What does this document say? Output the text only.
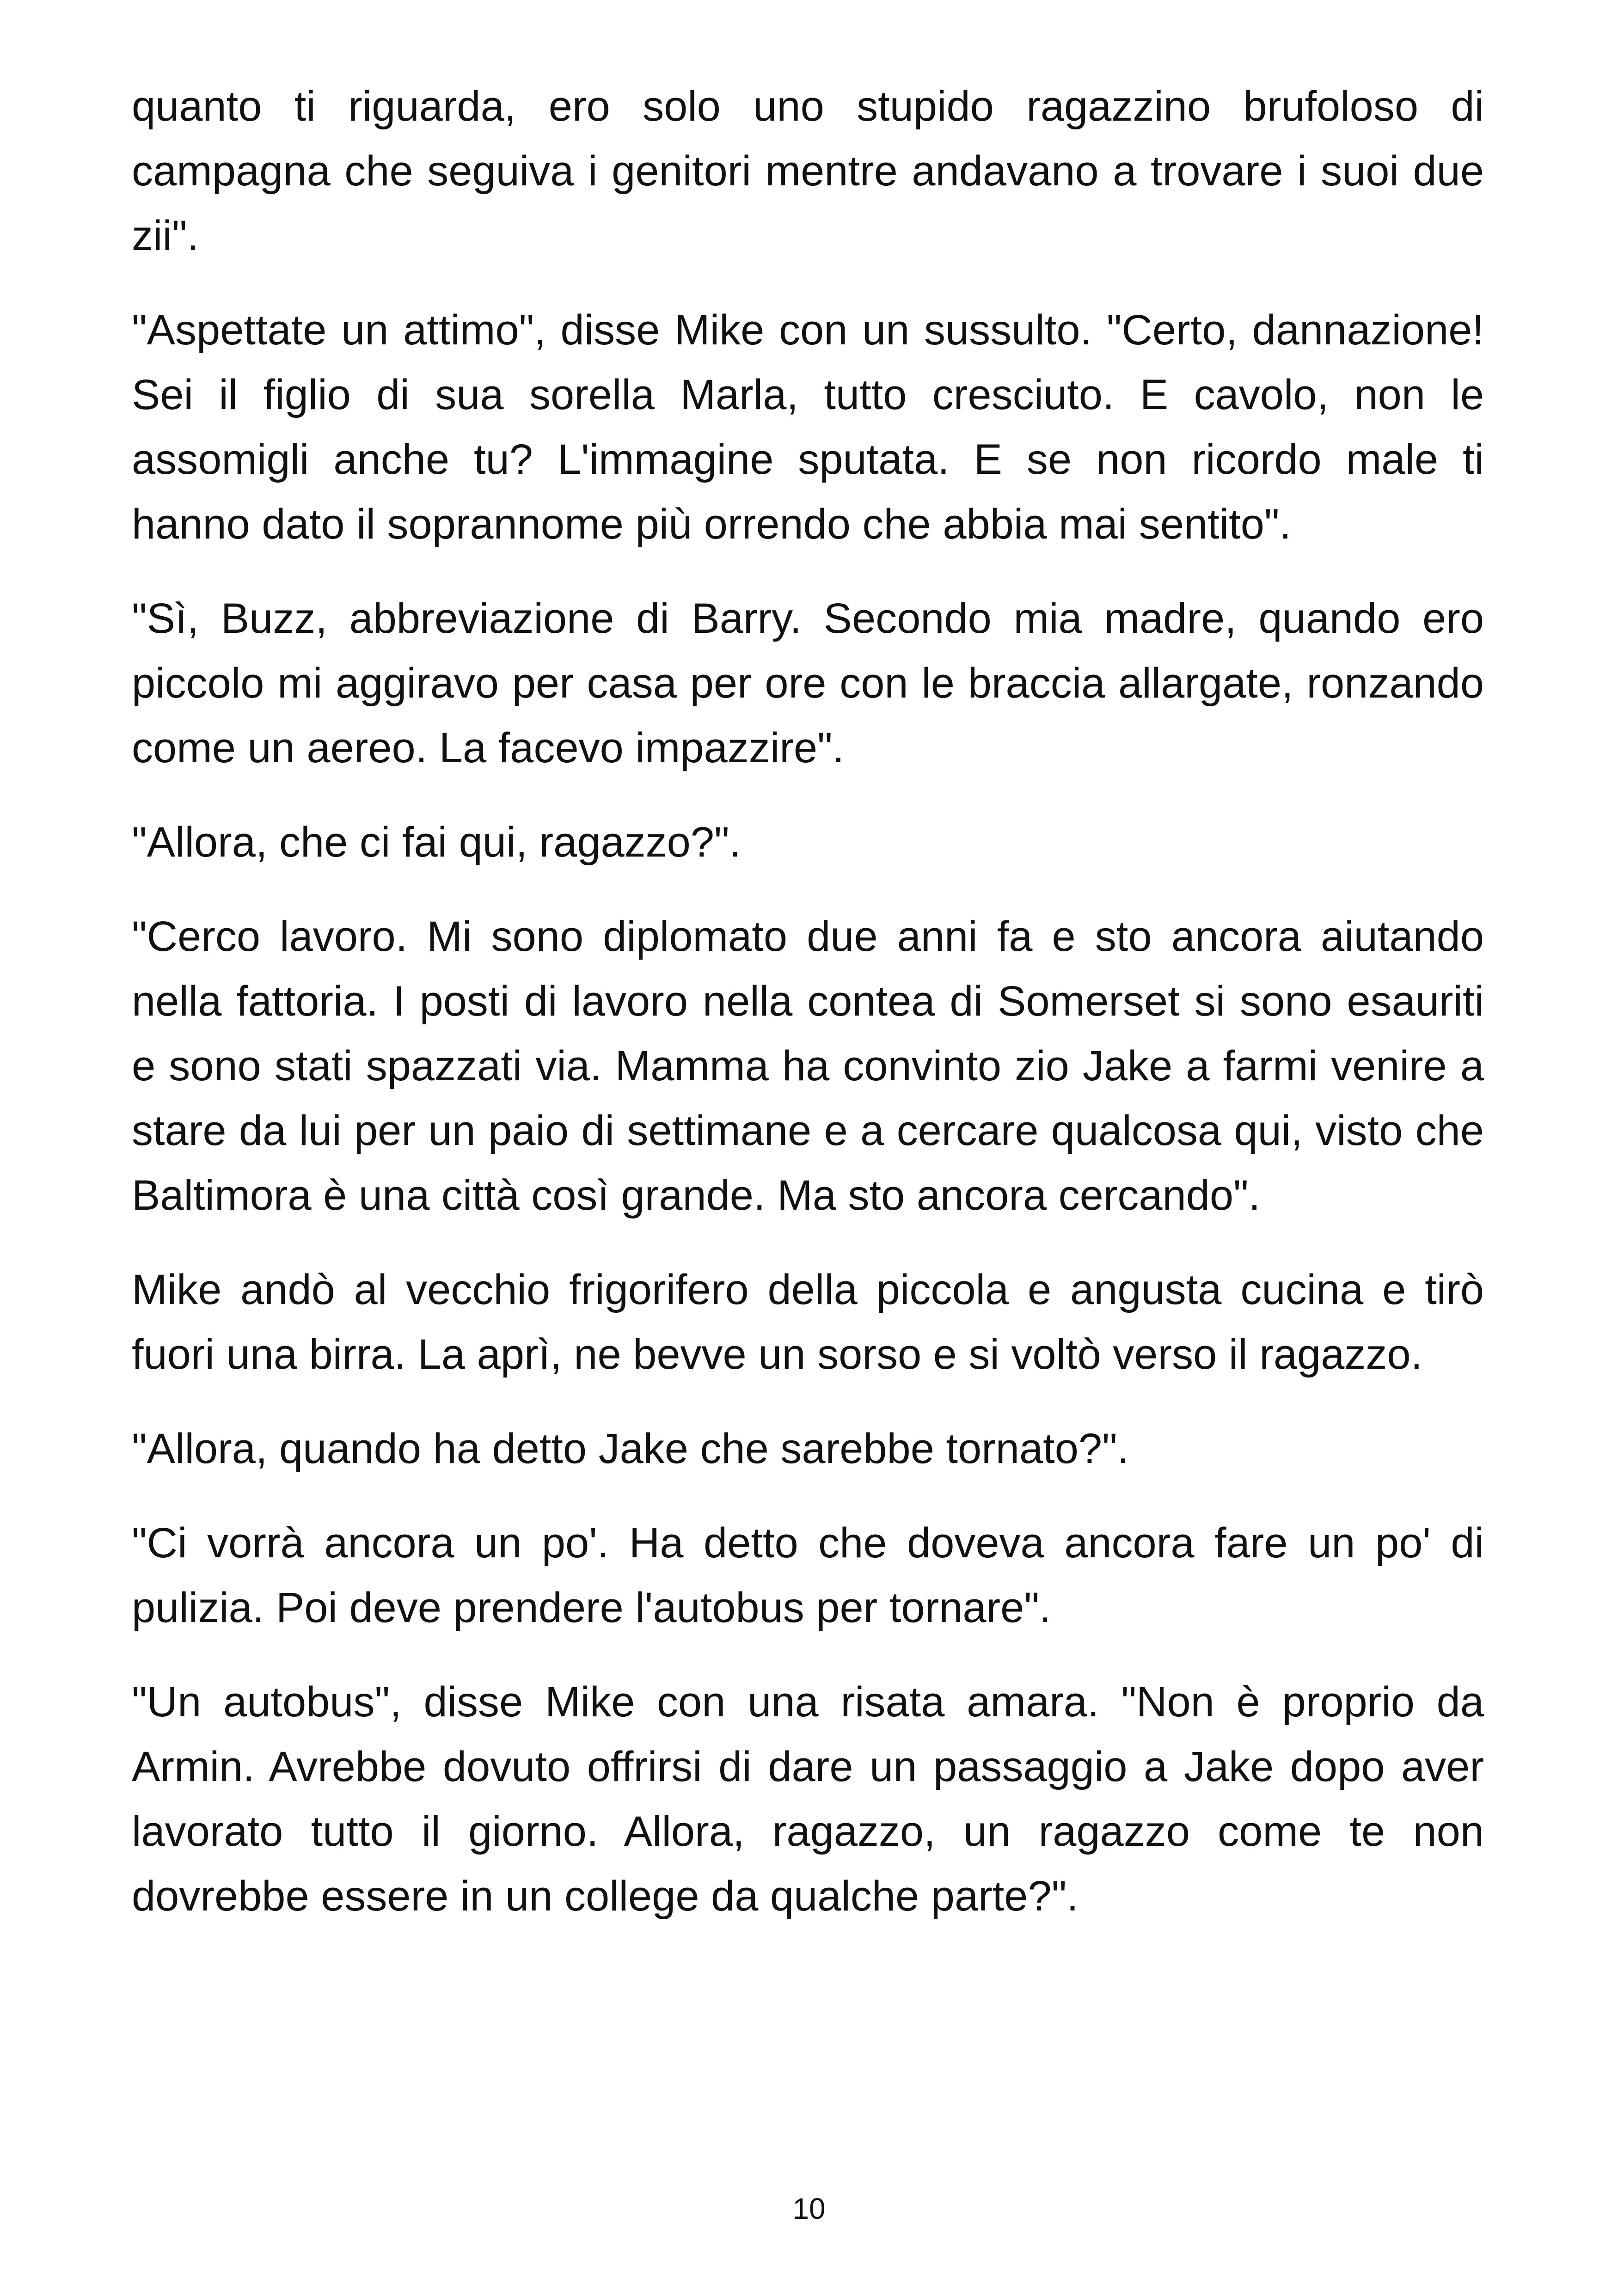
quanto ti riguarda, ero solo uno stupido ragazzino brufoloso di campagna che seguiva i genitori mentre andavano a trovare i suoi due zii".

"Aspettate un attimo", disse Mike con un sussulto. "Certo, dannazione! Sei il figlio di sua sorella Marla, tutto cresciuto. E cavolo, non le assomigli anche tu? L'immagine sputata. E se non ricordo male ti hanno dato il soprannome più orrendo che abbia mai sentito".

"Sì, Buzz, abbreviazione di Barry. Secondo mia madre, quando ero piccolo mi aggiravo per casa per ore con le braccia allargate, ronzando come un aereo. La facevo impazzire".

"Allora, che ci fai qui, ragazzo?".

"Cerco lavoro. Mi sono diplomato due anni fa e sto ancora aiutando nella fattoria. I posti di lavoro nella contea di Somerset si sono esauriti e sono stati spazzati via. Mamma ha convinto zio Jake a farmi venire a stare da lui per un paio di settimane e a cercare qualcosa qui, visto che Baltimora è una città così grande. Ma sto ancora cercando".

Mike andò al vecchio frigorifero della piccola e angusta cucina e tirò fuori una birra. La aprì, ne bevve un sorso e si voltò verso il ragazzo.

"Allora, quando ha detto Jake che sarebbe tornato?".

"Ci vorrà ancora un po'. Ha detto che doveva ancora fare un po' di pulizia. Poi deve prendere l'autobus per tornare".

"Un autobus", disse Mike con una risata amara. "Non è proprio da Armin. Avrebbe dovuto offrirsi di dare un passaggio a Jake dopo aver lavorato tutto il giorno. Allora, ragazzo, un ragazzo come te non dovrebbe essere in un college da qualche parte?".

10
